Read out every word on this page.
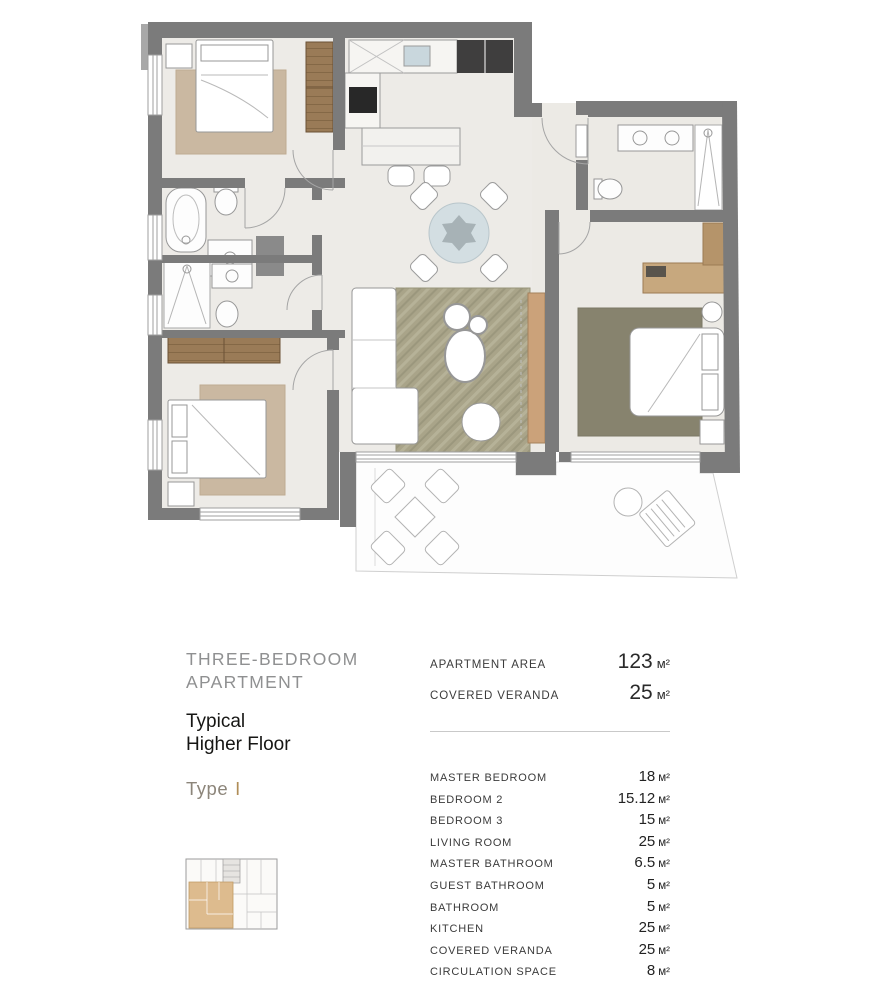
THREE-BEDROOM
APARTMENT
Typical
Higher Floor
Type I
APARTMENT AREA	123 м²
COVERED VERANDA	25 м²
MASTER BEDROOM	18 м²
BEDROOM 2	15.12 м²
BEDROOM 3	15 м²
LIVING ROOM	25 м²
MASTER BATHROOM	6.5 м²
GUEST BATHROOM	5 м²
BATHROOM	5 м²
KITCHEN	25 м²
COVERED VERANDA	25 м²
CIRCULATION SPACE	8 м²
